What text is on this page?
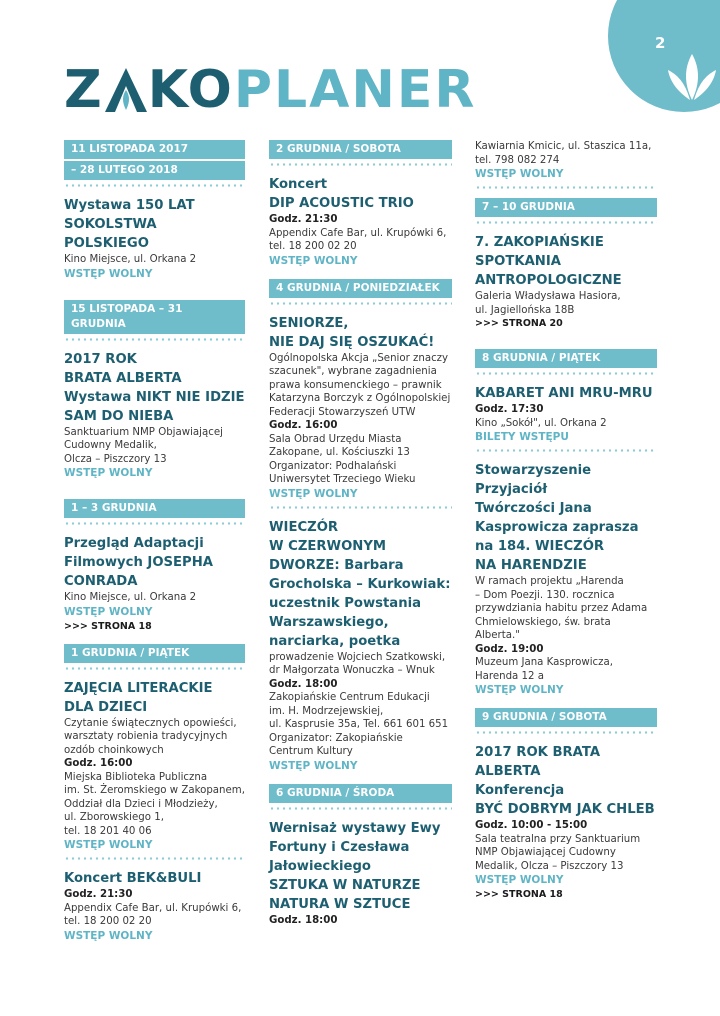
2
Z KO PLANER
11 LISTOPADA 2017
– 28 LUTEGO 2018
Wystawa 150 LAT
SOKOLSTWA POLSKIEGO
Kino Miejsce, ul. Orkana 2
WSTĘP WOLNY
15 LISTOPADA – 31 GRUDNIA
2017 ROK
BRATA ALBERTA
Wystawa NIKT NIE IDZIE
SAM DO NIEBA
Sanktuarium NMP Objawiającej
Cudowny Medalik,
Olcza – Piszczory 13
WSTĘP WOLNY
1 – 3 GRUDNIA
Przegląd Adaptacji
Filmowych JOSEPHA
CONRADA
Kino Miejsce, ul. Orkana 2
WSTĘP WOLNY
>>> STRONA 18
1 GRUDNIA / PIĄTEK
ZAJĘCIA LITERACKIE
DLA DZIECI
Czytanie świątecznych opowieści,
warsztaty robienia tradycyjnych
ozdób choinkowych
Godz. 16:00
Miejska Biblioteka Publiczna
im. St. Żeromskiego w Zakopanem,
Oddział dla Dzieci i Młodzieży,
ul. Zborowskiego 1,
tel. 18 201 40 06
WSTĘP WOLNY
Koncert BEK&BULI
Godz. 21:30
Appendix Cafe Bar, ul. Krupówki 6,
tel. 18 200 02 20
WSTĘP WOLNY
2 GRUDNIA / SOBOTA
Koncert
DIP ACOUSTIC TRIO
Godz. 21:30
Appendix Cafe Bar, ul. Krupówki 6,
tel. 18 200 02 20
WSTĘP WOLNY
4 GRUDNIA / PONIEDZIAŁEK
SENIORZE,
NIE DAJ SIĘ OSZUKAĆ!
Ogólnopolska Akcja „Senior znaczy
szacunek", wybrane zagadnienia
prawa konsumenckiego – prawnik
Katarzyna Borczyk z Ogólnopolskiej
Federacji Stowarzyszeń UTW
Godz. 16:00
Sala Obrad Urzędu Miasta
Zakopane, ul. Kościuszki 13
Organizator: Podhalański
Uniwersytet Trzeciego Wieku
WSTĘP WOLNY
WIECZÓR
W CZERWONYM
DWORZE: Barbara
Grocholska – Kurkowiak:
uczestnik Powstania
Warszawskiego,
narciarka, poetka
prowadzenie Wojciech Szatkowski,
dr Małgorzata Wonuczka – Wnuk
Godz. 18:00
Zakopiańskie Centrum Edukacji
im. H. Modrzejewskiej,
ul. Kasprusie 35a, Tel. 661 601 651
Organizator: Zakopiańskie
Centrum Kultury
WSTĘP WOLNY
6 GRUDNIA / ŚRODA
Wernisaż wystawy Ewy
Fortuny i Czesława
Jałowieckiego
SZTUKA W NATURZE
NATURA W SZTUCE
Godz. 18:00
Kawiarnia Kmicic, ul. Staszica 11a,
tel. 798 082 274
WSTĘP WOLNY
7 – 10 GRUDNIA
7. ZAKOPIAŃSKIE
SPOTKANIA
ANTROPOLOGICZNE
Galeria Władysława Hasiora,
ul. Jagiellońska 18B
>>> STRONA 20
8 GRUDNIA / PIĄTEK
KABARET ANI MRU-MRU
Godz. 17:30
Kino „Sokół", ul. Orkana 2
BILETY WSTĘPU
Stowarzyszenie Przyjaciół
Twórczości Jana
Kasprowicza zaprasza
na 184. WIECZÓR
NA HARENDZIE
W ramach projektu „Harenda
– Dom Poezji. 130. rocznica
przywdziania habitu przez Adama
Chmielowskiego, św. brata Alberta."
Godz. 19:00
Muzeum Jana Kasprowicza,
Harenda 12 a
WSTĘP WOLNY
9 GRUDNIA / SOBOTA
2017 ROK BRATA
ALBERTA
Konferencja
BYĆ DOBRYM JAK CHLEB
Godz. 10:00 - 15:00
Sala teatralna przy Sanktuarium
NMP Objawiającej Cudowny
Medalik, Olcza – Piszczory 13
WSTĘP WOLNY
>>> STRONA 18
